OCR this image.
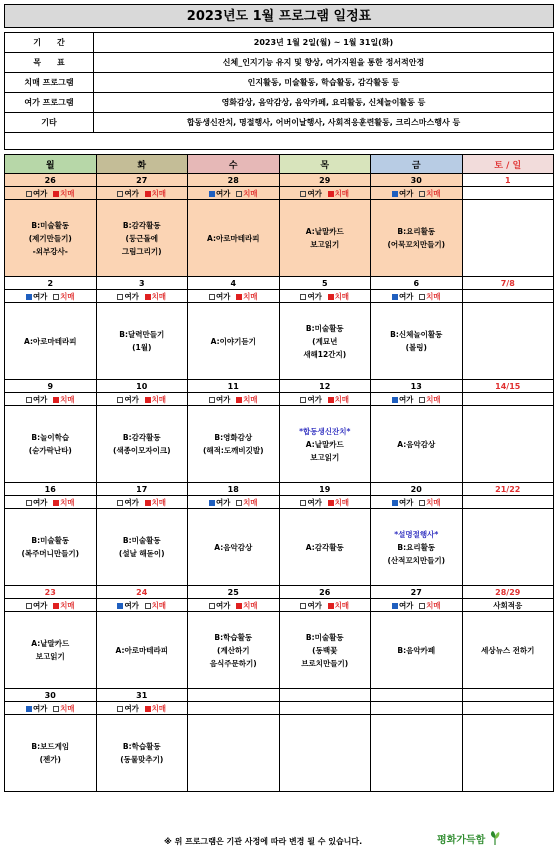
2023년도 1월 프로그램 일정표
기　　간	2023년 1월 2일(월) ~ 1월 31일(화)
목　　표	신체_인지기능 유지 및 향상, 여가지원을 통한 정서적안정
치매 프로그램	인지활동, 미술활동, 학습활동, 감각활동 등
여가 프로그램	영화감상, 음악감상, 음악카페, 요리활동, 신체놀이활동 등
기타	합동생신잔치, 명절행사, 어버이날행사, 사회적응훈련활동, 크리스마스행사 등

월	화	수	목	금	토 / 일
26	27	28	29	30	1
여가 치매	여가 치매	여가 치매	여가 치매	여가 치매	

B:미술활동
(제기만들기)
-외부강사-	B:감각활동
(둥근돌에
그림그리기)	A:아로마테라피	A:낱말카드
보고읽기	B:요리활동
(어묵꼬치만들기)	

2	3	4	5	6	7/8
여가 치매	여가 치매	여가 치매	여가 치매	여가 치매	

A:아로마테라피	B:달력만들기
(1월)	A:이야기듣기	B:미술활동
(계묘년
새해12간지)	B:신체놀이활동
(볼링)	

9	10	11	12	13	14/15
여가 치매	여가 치매	여가 치매	여가 치매	여가 치매	

B:놀이학습
(숟가락난타)	B:감각활동
(색종이모자이크)	B:영화감상
(해적:도깨비깃발)	*합동생신잔치*
A:낱말카드
보고읽기	A:음악감상	

16	17	18	19	20	21/22
여가 치매	여가 치매	여가 치매	여가 치매	여가 치매	

B:미술활동
(복주머니만들기)	B:미술활동
(설날 해돋이)	A:음악감상	A:감각활동	*설명절행사*
B:요리활동
(산적꼬치만들기)	

23	24	25	26	27	28/29
여가 치매	여가 치매	여가 치매	여가 치매	여가 치매	사회적응

A:낱말카드
보고읽기	A:아로마테라피	B:학습활동
(계산하기
음식주문하기)	B:미술활동
(동백꽃
브로치만들기)	B:음악카페	세상뉴스 전하기

30	31				
여가 치매	여가 치매				

B:보드게임
(젠가)	B:학습활동
(동물맞추기)				

※ 위 프로그램은 기관 사정에 따라 변경 될 수 있습니다.	평화가득함
